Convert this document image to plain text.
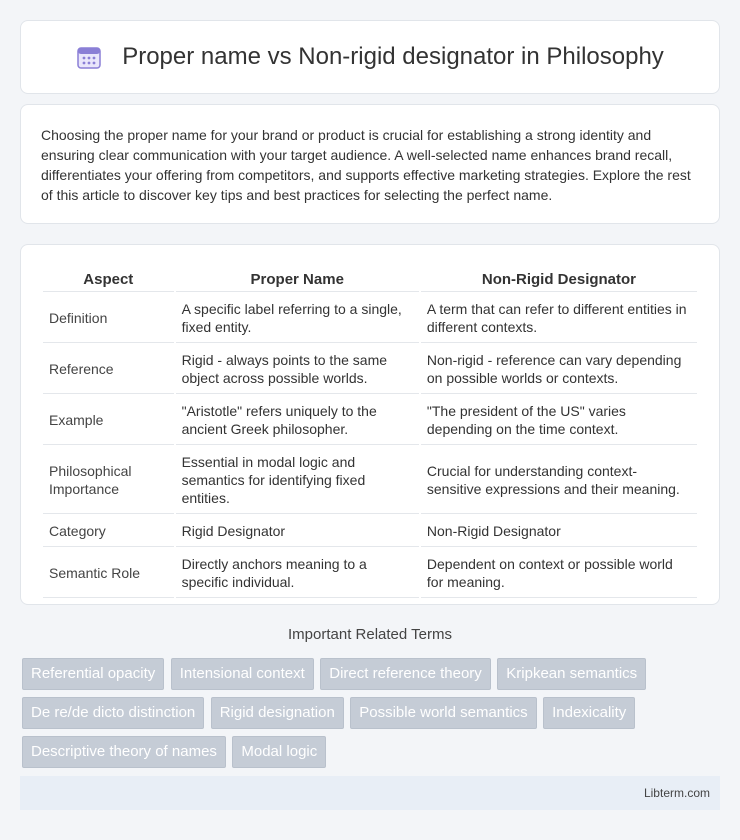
Proper name vs Non-rigid designator in Philosophy

Choosing the proper name for your brand or product is crucial for establishing a strong identity and ensuring clear communication with your target audience. A well-selected name enhances brand recall, differentiates your offering from competitors, and supports effective marketing strategies. Explore the rest of this article to discover key tips and best practices for selecting the perfect name.

Aspect	Proper Name	Non-Rigid Designator
Definition	A specific label referring to a single, fixed entity.	A term that can refer to different entities in different contexts.
Reference	Rigid - always points to the same object across possible worlds.	Non-rigid - reference can vary depending on possible worlds or contexts.
Example	"Aristotle" refers uniquely to the ancient Greek philosopher.	"The president of the US" varies depending on the time context.
Philosophical Importance	Essential in modal logic and semantics for identifying fixed entities.	Crucial for understanding context-sensitive expressions and their meaning.
Category	Rigid Designator	Non-Rigid Designator
Semantic Role	Directly anchors meaning to a specific individual.	Dependent on context or possible world for meaning.
Important Related Terms
Referential opacity Intensional context Direct reference theory Kripkean semantics De re/de dicto distinction Rigid designation Possible world semantics Indexicality Descriptive theory of names Modal logic
Libterm.com
